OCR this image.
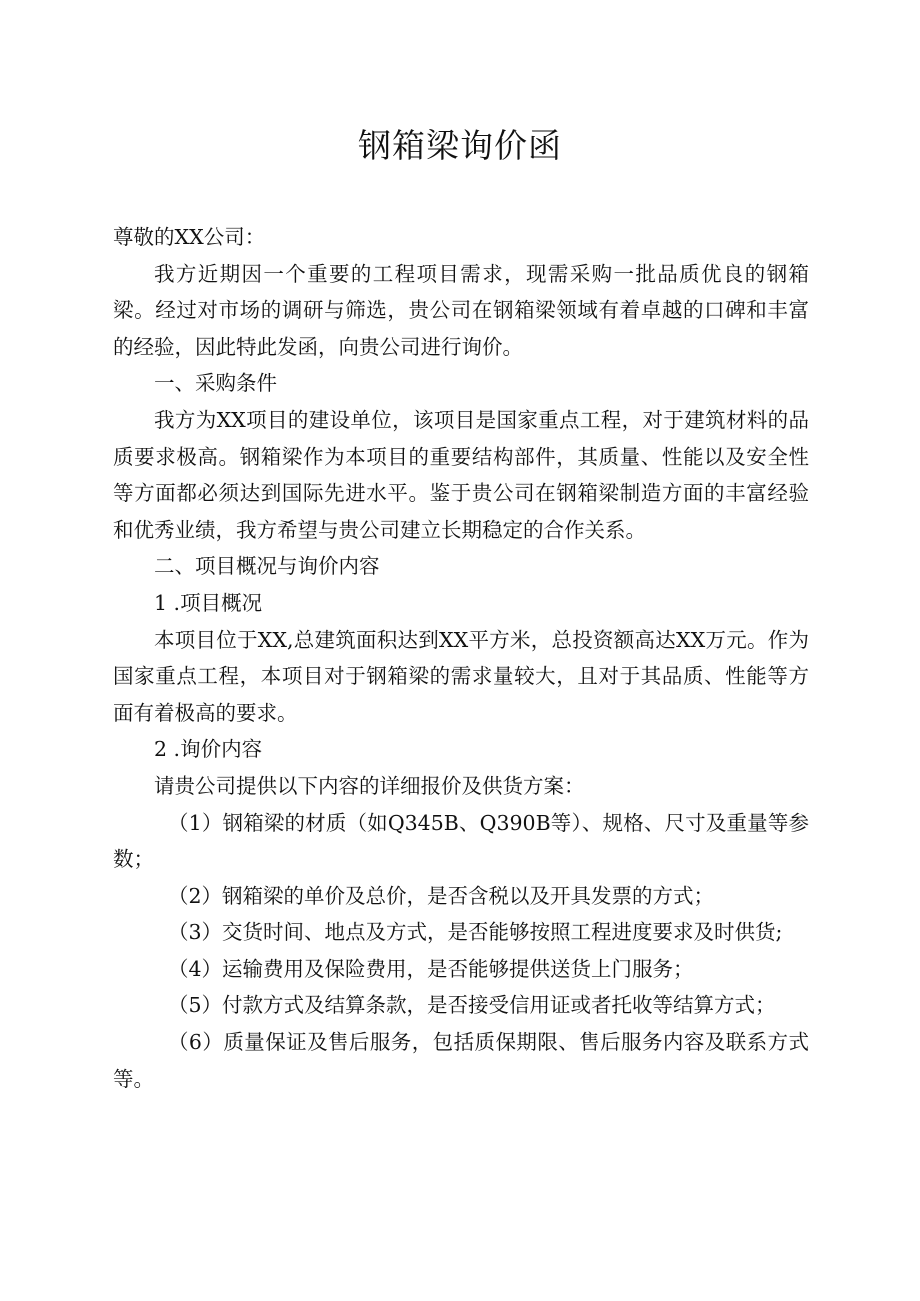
钢箱梁询价函

尊敬的XX公司：

我方近期因一个重要的工程项目需求，现需采购一批品质优良的钢箱梁。经过对市场的调研与筛选，贵公司在钢箱梁领域有着卓越的口碑和丰富的经验，因此特此发函，向贵公司进行询价。

一、采购条件

我方为XX项目的建设单位，该项目是国家重点工程，对于建筑材料的品质要求极高。钢箱梁作为本项目的重要结构部件，其质量、性能以及安全性等方面都必须达到国际先进水平。鉴于贵公司在钢箱梁制造方面的丰富经验和优秀业绩，我方希望与贵公司建立长期稳定的合作关系。

二、项目概况与询价内容

1 .项目概况

本项目位于XX,总建筑面积达到XX平方米，总投资额高达XX万元。作为国家重点工程，本项目对于钢箱梁的需求量较大，且对于其品质、性能等方面有着极高的要求。

2 .询价内容

请贵公司提供以下内容的详细报价及供货方案：

（1）钢箱梁的材质（如Q345B、Q390B等）、规格、尺寸及重量等参数；

（2）钢箱梁的单价及总价，是否含税以及开具发票的方式；

（3）交货时间、地点及方式，是否能够按照工程进度要求及时供货;

（4）运输费用及保险费用，是否能够提供送货上门服务；

（5）付款方式及结算条款，是否接受信用证或者托收等结算方式；

（6）质量保证及售后服务，包括质保期限、售后服务内容及联系方式等。
